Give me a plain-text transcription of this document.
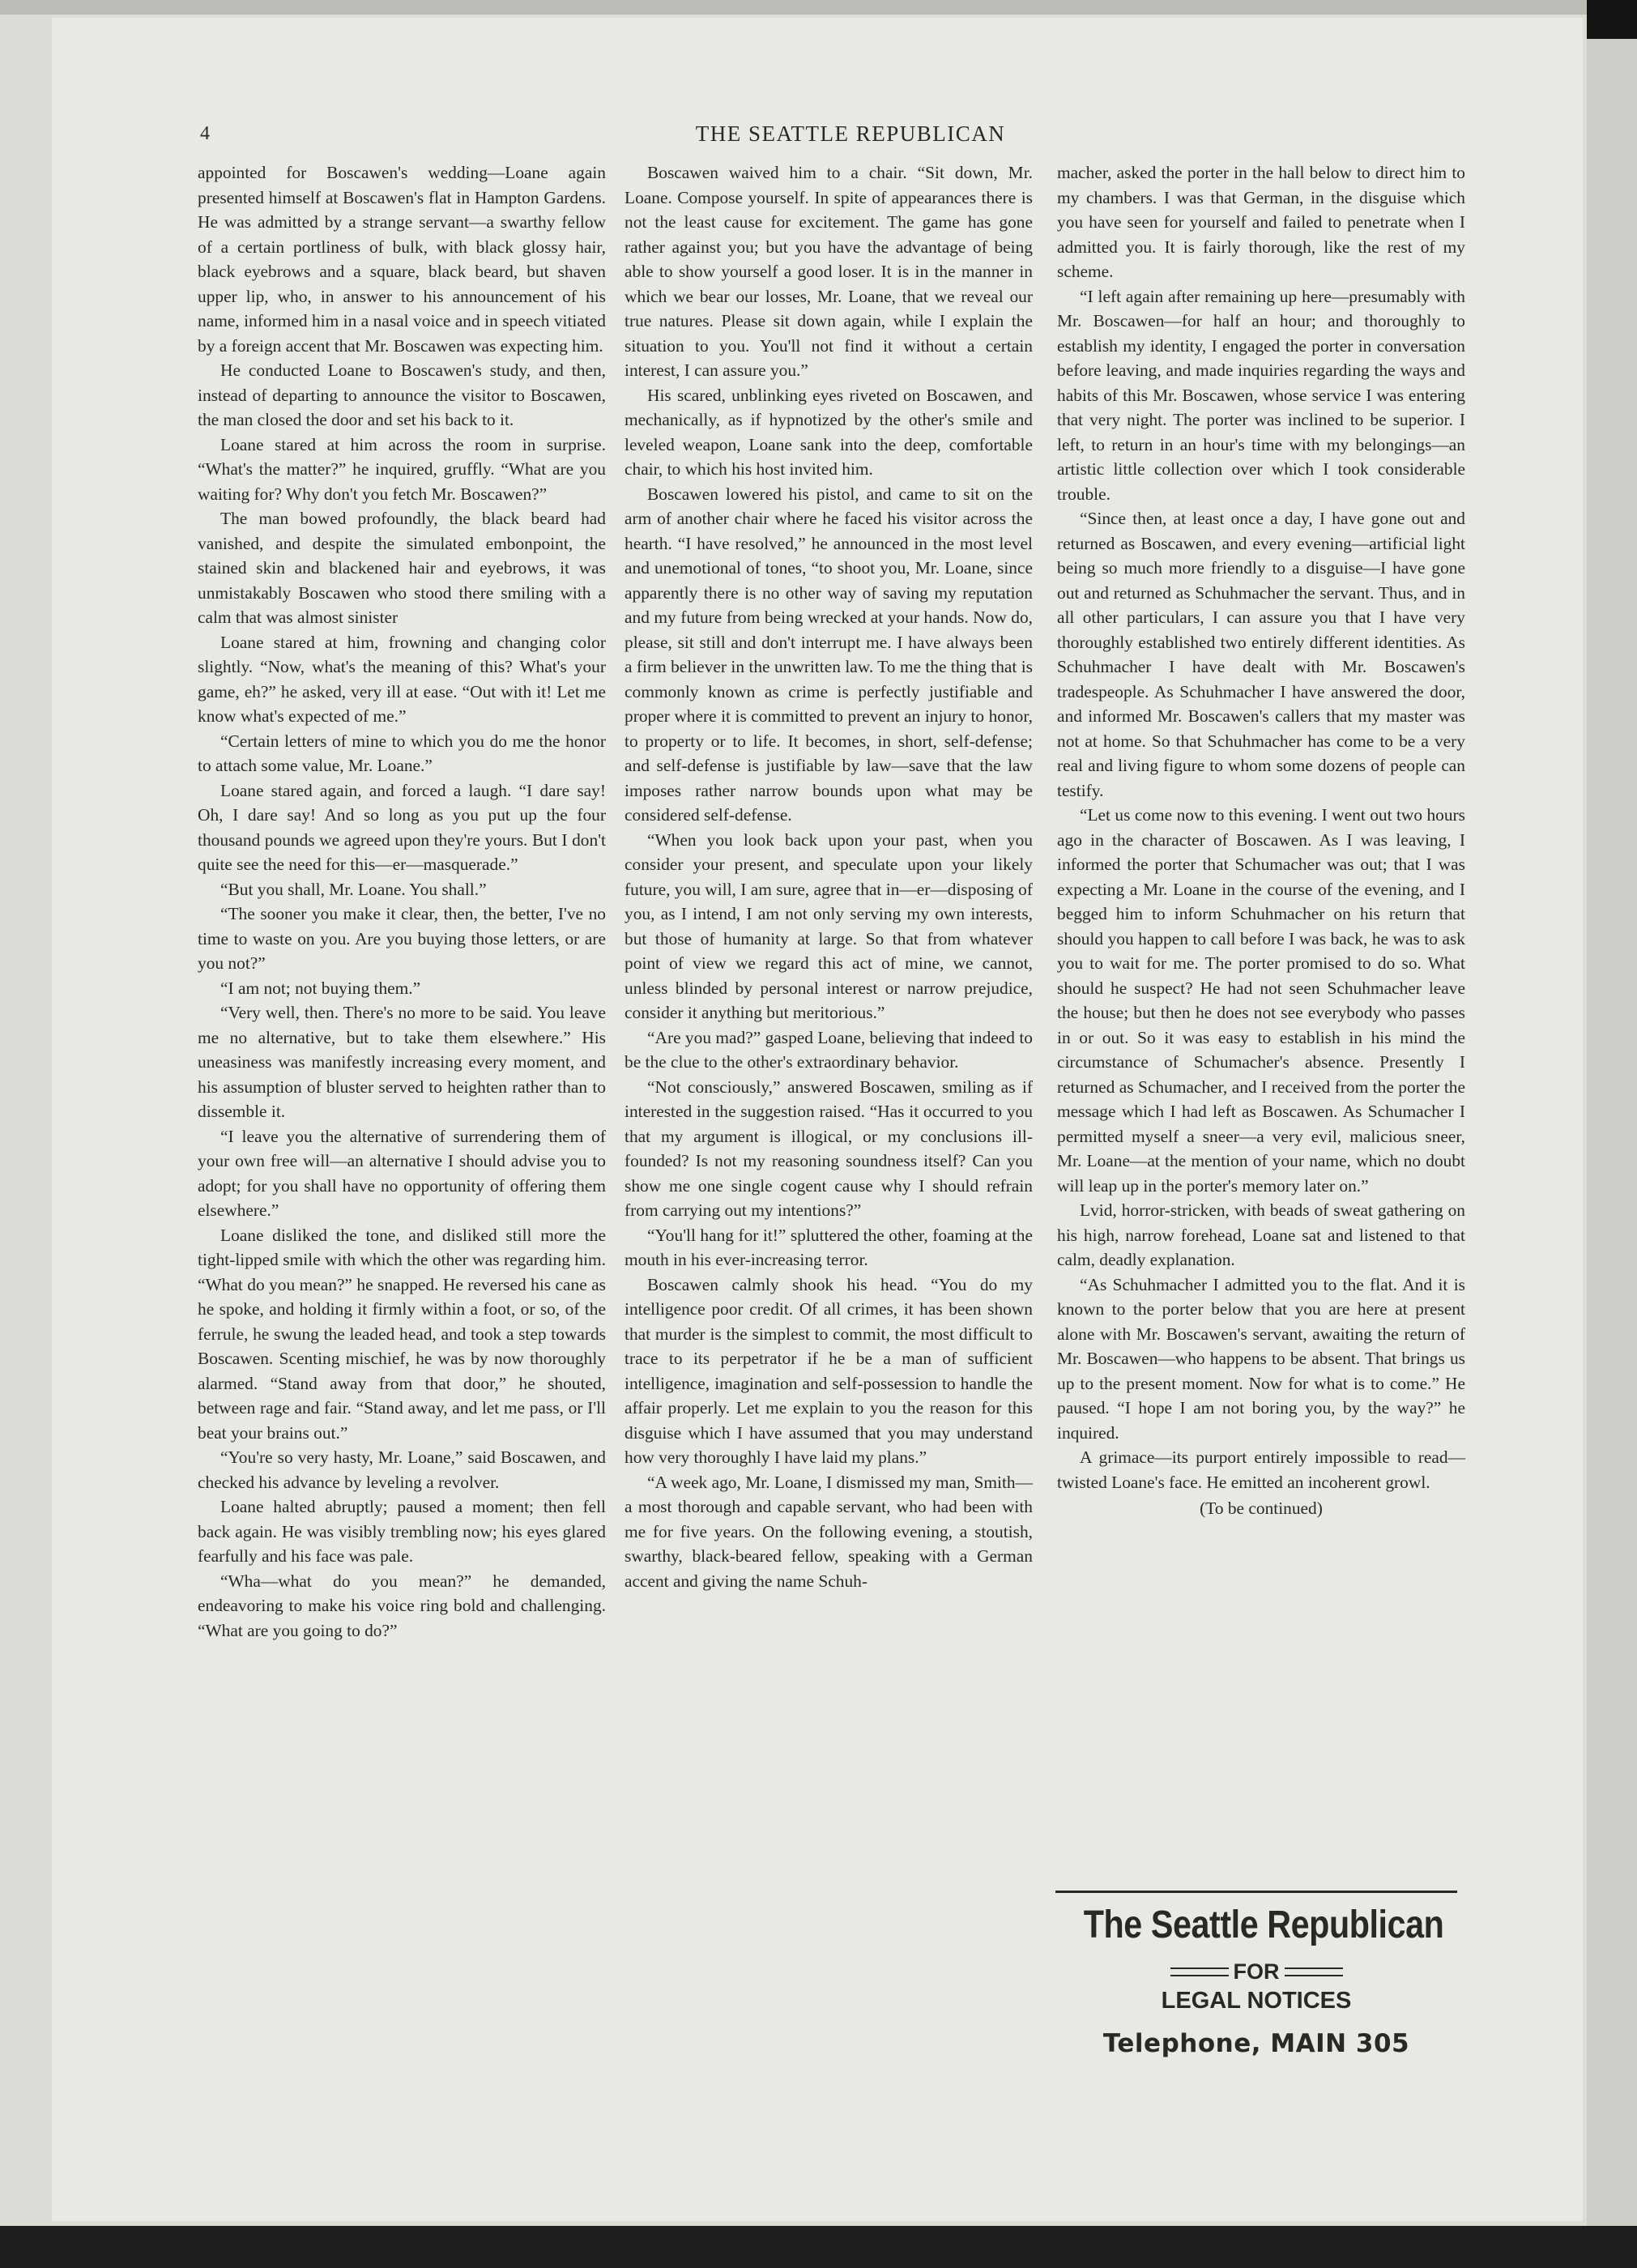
4	THE SEATTLE REPUBLICAN

appointed for Boscawen's wedding—Loane again presented himself at Boscawen's flat in Hampton Gardens. He was admitted by a strange servant—a swarthy fellow of a certain portliness of bulk, with black glossy hair, black eyebrows and a square, black beard, but shaven upper lip, who, in answer to his announcement of his name, informed him in a nasal voice and in speech vitiated by a foreign accent that Mr. Boscawen was expecting him.

He conducted Loane to Boscawen's study, and then, instead of departing to announce the visitor to Boscawen, the man closed the door and set his back to it.

Loane stared at him across the room in surprise. “What's the matter?” he inquired, gruffly. “What are you waiting for? Why don't you fetch Mr. Boscawen?”

The man bowed profoundly, the black beard had vanished, and despite the simulated embonpoint, the stained skin and blackened hair and eyebrows, it was unmistakably Boscawen who stood there smiling with a calm that was almost sinister

Loane stared at him, frowning and changing color slightly. “Now, what's the meaning of this? What's your game, eh?” he asked, very ill at ease. “Out with it! Let me know what's expected of me.”

“Certain letters of mine to which you do me the honor to attach some value, Mr. Loane.”

Loane stared again, and forced a laugh. “I dare say! Oh, I dare say! And so long as you put up the four thousand pounds we agreed upon they're yours. But I don't quite see the need for this—er—masquerade.”

“But you shall, Mr. Loane. You shall.”

“The sooner you make it clear, then, the better, I've no time to waste on you. Are you buying those letters, or are you not?”

“I am not; not buying them.”

“Very well, then. There's no more to be said. You leave me no alternative, but to take them elsewhere.” His uneasiness was manifestly increasing every moment, and his assumption of bluster served to heighten rather than to dissemble it.

“I leave you the alternative of surrendering them of your own free will—an alternative I should advise you to adopt; for you shall have no opportunity of offering them elsewhere.”

Loane disliked the tone, and disliked still more the tight-lipped smile with which the other was regarding him. “What do you mean?” he snapped. He reversed his cane as he spoke, and holding it firmly within a foot, or so, of the ferrule, he swung the leaded head, and took a step towards Boscawen. Scenting mischief, he was by now thoroughly alarmed. “Stand away from that door,” he shouted, between rage and fair. “Stand away, and let me pass, or I'll beat your brains out.”

“You're so very hasty, Mr. Loane,” said Boscawen, and checked his advance by leveling a revolver.

Loane halted abruptly; paused a moment; then fell back again. He was visibly trembling now; his eyes glared fearfully and his face was pale.

“Wha—what do you mean?” he demanded, endeavoring to make his voice ring bold and challenging. “What are you going to do?”

Boscawen waived him to a chair. “Sit down, Mr. Loane. Compose yourself. In spite of appearances there is not the least cause for excitement. The game has gone rather against you; but you have the advantage of being able to show yourself a good loser. It is in the manner in which we bear our losses, Mr. Loane, that we reveal our true natures. Please sit down again, while I explain the situation to you. You'll not find it without a certain interest, I can assure you.”

His scared, unblinking eyes riveted on Boscawen, and mechanically, as if hypnotized by the other's smile and leveled weapon, Loane sank into the deep, comfortable chair, to which his host invited him.

Boscawen lowered his pistol, and came to sit on the arm of another chair where he faced his visitor across the hearth. “I have resolved,” he announced in the most level and unemotional of tones, “to shoot you, Mr. Loane, since apparently there is no other way of saving my reputation and my future from being wrecked at your hands. Now do, please, sit still and don't interrupt me. I have always been a firm believer in the unwritten law. To me the thing that is commonly known as crime is perfectly justifiable and proper where it is committed to prevent an injury to honor, to property or to life. It becomes, in short, self-defense; and self-defense is justifiable by law—save that the law imposes rather narrow bounds upon what may be considered self-defense.

“When you look back upon your past, when you consider your present, and speculate upon your likely future, you will, I am sure, agree that in—er—disposing of you, as I intend, I am not only serving my own interests, but those of humanity at large. So that from whatever point of view we regard this act of mine, we cannot, unless blinded by personal interest or narrow prejudice, consider it anything but meritorious.”

“Are you mad?” gasped Loane, believing that indeed to be the clue to the other's extraordinary behavior.

“Not consciously,” answered Boscawen, smiling as if interested in the suggestion raised. “Has it occurred to you that my argument is illogical, or my conclusions ill-founded? Is not my reasoning soundness itself? Can you show me one single cogent cause why I should refrain from carrying out my intentions?”

“You'll hang for it!” spluttered the other, foaming at the mouth in his ever-increasing terror.

Boscawen calmly shook his head. “You do my intelligence poor credit. Of all crimes, it has been shown that murder is the simplest to commit, the most difficult to trace to its perpetrator if he be a man of sufficient intelligence, imagination and self-possession to handle the affair properly. Let me explain to you the reason for this disguise which I have assumed that you may understand how very thoroughly I have laid my plans.”

“A week ago, Mr. Loane, I dismissed my man, Smith—a most thorough and capable servant, who had been with me for five years. On the following evening, a stoutish, swarthy, black-beared fellow, speaking with a German accent and giving the name Schuh-

macher, asked the porter in the hall below to direct him to my chambers. I was that German, in the disguise which you have seen for yourself and failed to penetrate when I admitted you. It is fairly thorough, like the rest of my scheme.

“I left again after remaining up here—presumably with Mr. Boscawen—for half an hour; and thoroughly to establish my identity, I engaged the porter in conversation before leaving, and made inquiries regarding the ways and habits of this Mr. Boscawen, whose service I was entering that very night. The porter was inclined to be superior. I left, to return in an hour's time with my belongings—an artistic little collection over which I took considerable trouble.

“Since then, at least once a day, I have gone out and returned as Boscawen, and every evening—artificial light being so much more friendly to a disguise—I have gone out and returned as Schuhmacher the servant. Thus, and in all other particulars, I can assure you that I have very thoroughly established two entirely different identities. As Schuhmacher I have dealt with Mr. Boscawen's tradespeople. As Schuhmacher I have answered the door, and informed Mr. Boscawen's callers that my master was not at home. So that Schuhmacher has come to be a very real and living figure to whom some dozens of people can testify.

“Let us come now to this evening. I went out two hours ago in the character of Boscawen. As I was leaving, I informed the porter that Schumacher was out; that I was expecting a Mr. Loane in the course of the evening, and I begged him to inform Schuhmacher on his return that should you happen to call before I was back, he was to ask you to wait for me. The porter promised to do so. What should he suspect? He had not seen Schuhmacher leave the house; but then he does not see everybody who passes in or out. So it was easy to establish in his mind the circumstance of Schumacher's absence. Presently I returned as Schumacher, and I received from the porter the message which I had left as Boscawen. As Schumacher I permitted myself a sneer—a very evil, malicious sneer, Mr. Loane—at the mention of your name, which no doubt will leap up in the porter's memory later on.”

Lvid, horror-stricken, with beads of sweat gathering on his high, narrow forehead, Loane sat and listened to that calm, deadly explanation.

“As Schuhmacher I admitted you to the flat. And it is known to the porter below that you are here at present alone with Mr. Boscawen's servant, awaiting the return of Mr. Boscawen—who happens to be absent. That brings us up to the present moment. Now for what is to come.” He paused. “I hope I am not boring you, by the way?” he inquired.

A grimace—its purport entirely impossible to read—twisted Loane's face. He emitted an incoherent growl.

(To be continued)

The Seattle Republican
FOR
LEGAL NOTICES
Telephone, MAIN 305
